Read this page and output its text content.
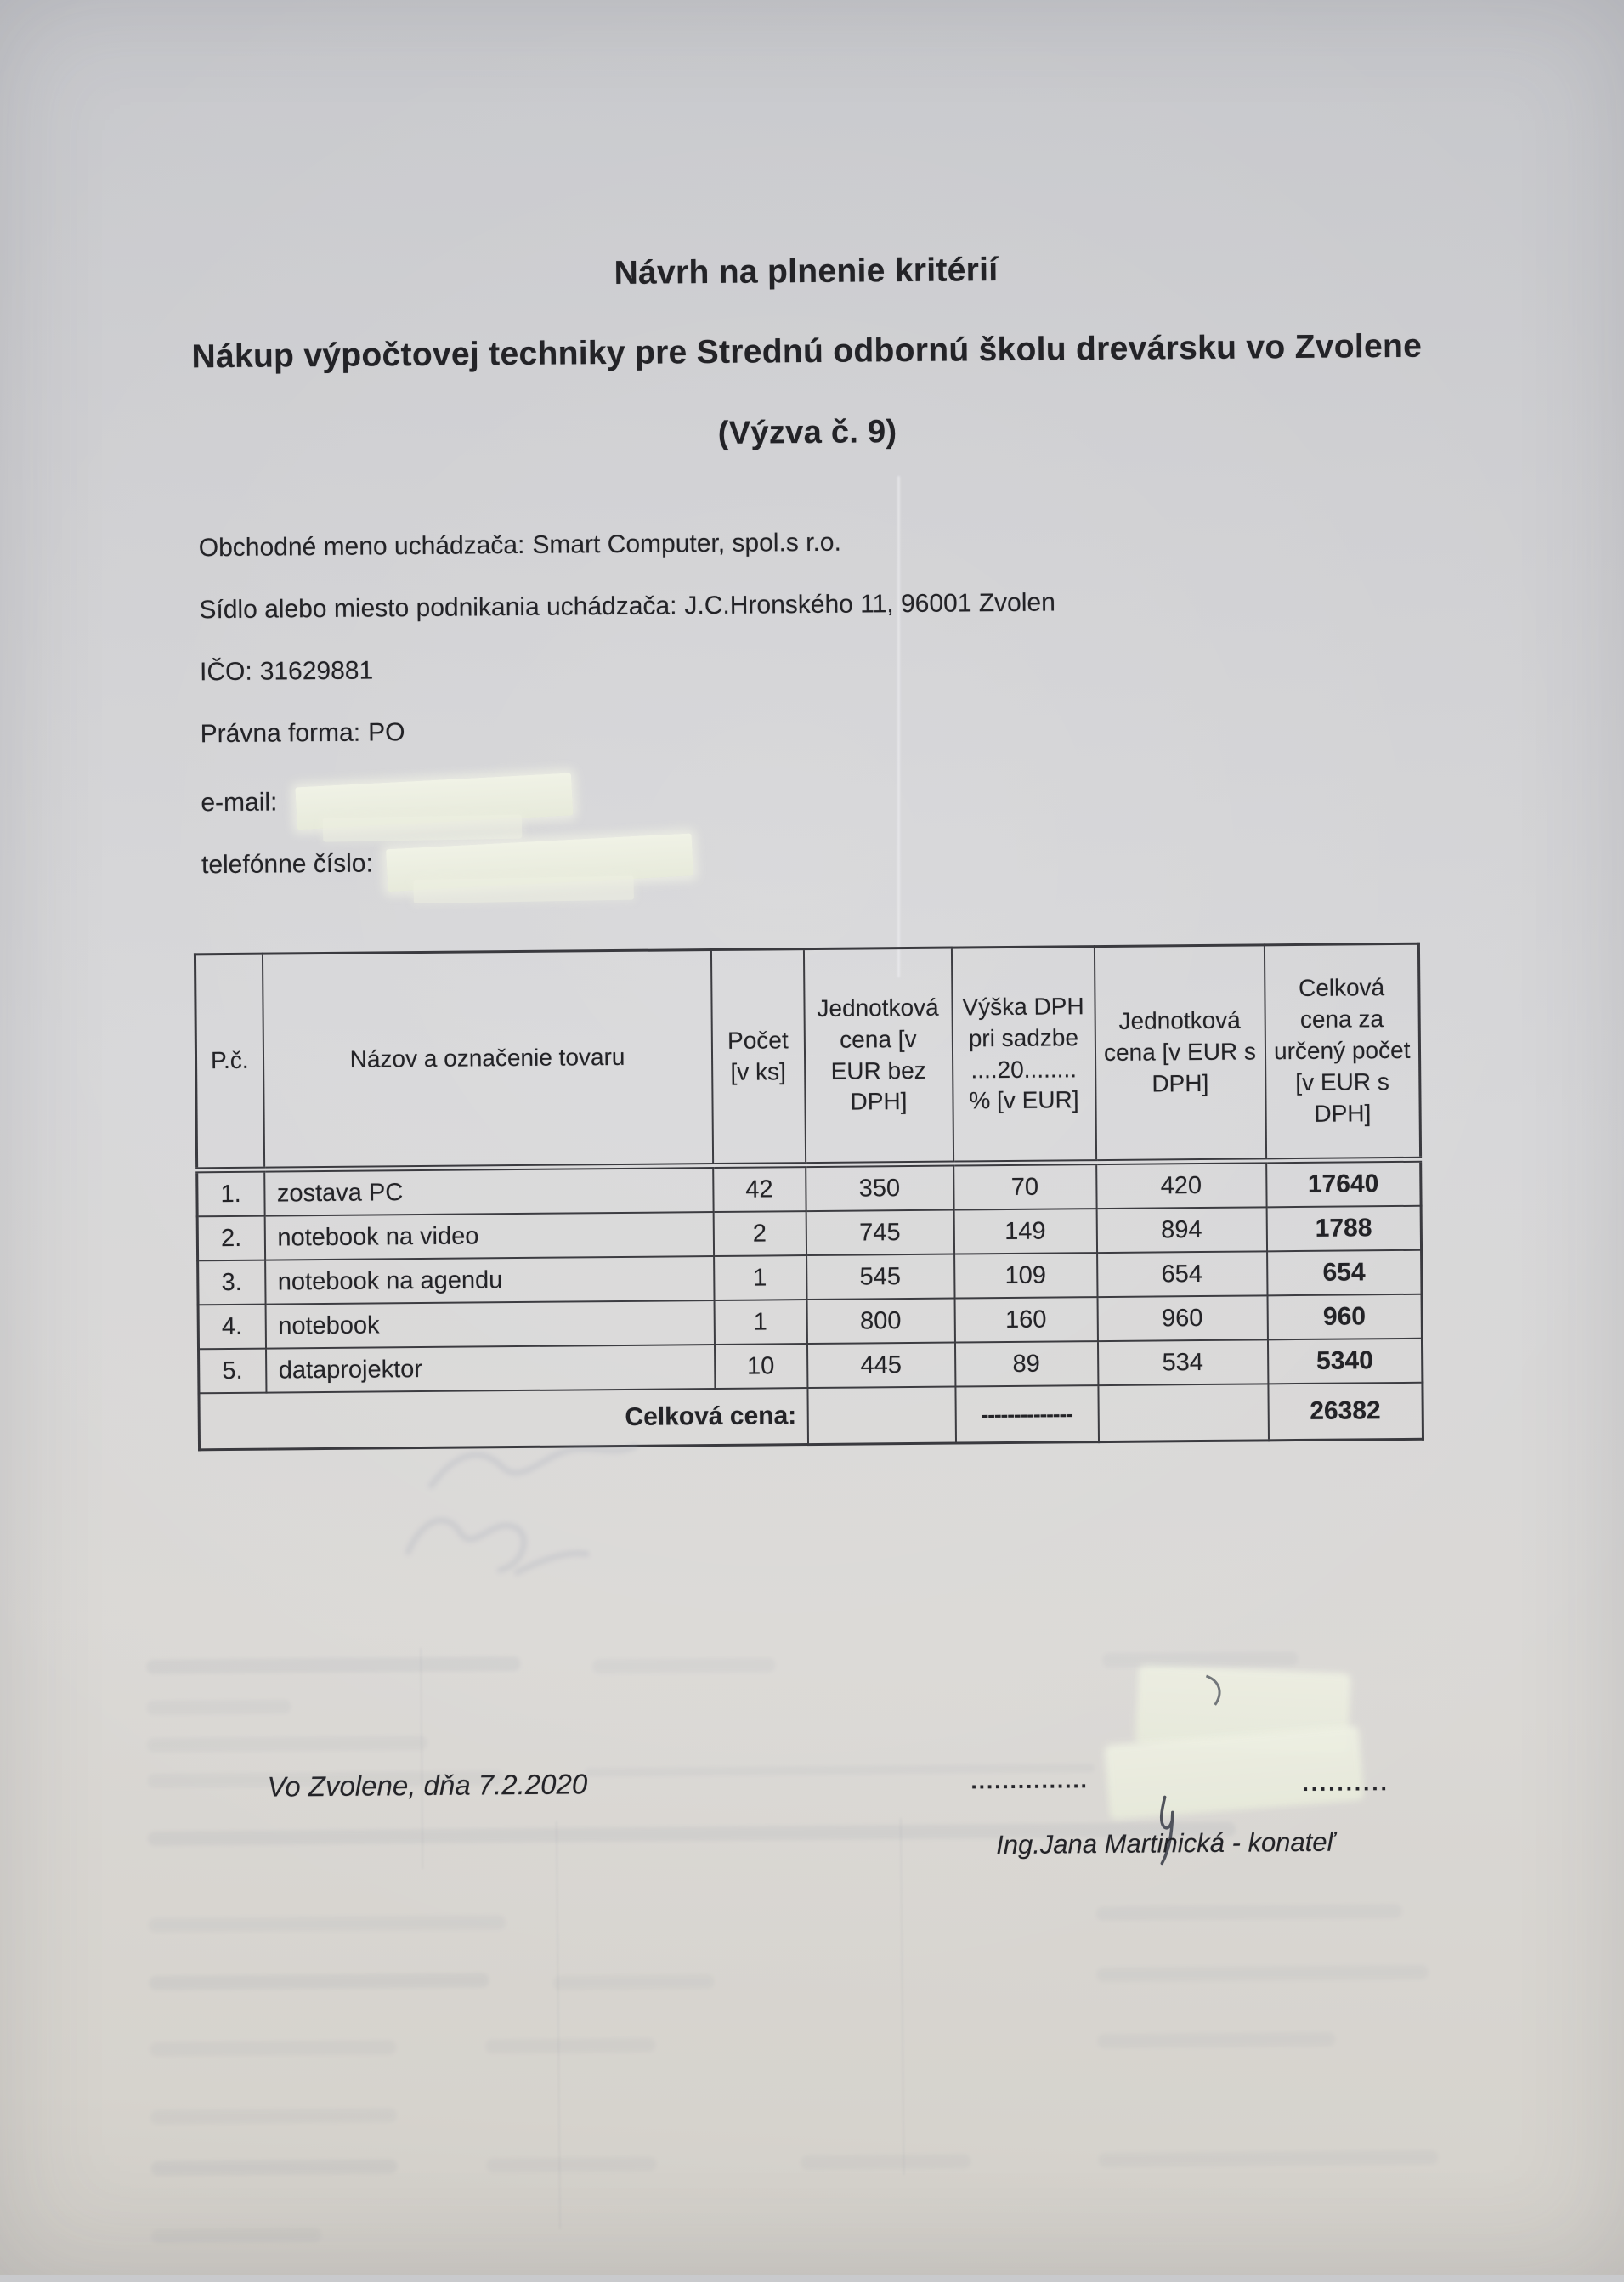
Návrh na plnenie kritérií
Nákup výpočtovej techniky pre Strednú odbornú školu drevársku vo Zvolene
(Výzva č. 9)
Obchodné meno uchádzača: Smart Computer, spol.s r.o.
Sídlo alebo miesto podnikania uchádzača: J.C.Hronského 11, 96001 Zvolen
IČO: 31629881
Právna forma: PO
e-mail:
telefónne číslo:
P.č.	Názov a označenie tovaru	Počet [v ks]	Jednotková cena [v EUR bez DPH]	Výška DPH pri sadzbe ....20........ % [v EUR]	Jednotková cena [v EUR s DPH]	Celková cena za určený počet [v EUR s DPH]
1.	zostava PC	42	350	70	420	17640
2.	notebook na video	2	745	149	894	1788
3.	notebook na agendu	1	545	109	654	654
4.	notebook	1	800	160	960	960
5.	dataprojektor	10	445	89	534	5340
Celková cena:				--------------		26382
Vo Zvolene, dňa 7.2.2020	...............	..........
Ing.Jana Martinická - konateľ
